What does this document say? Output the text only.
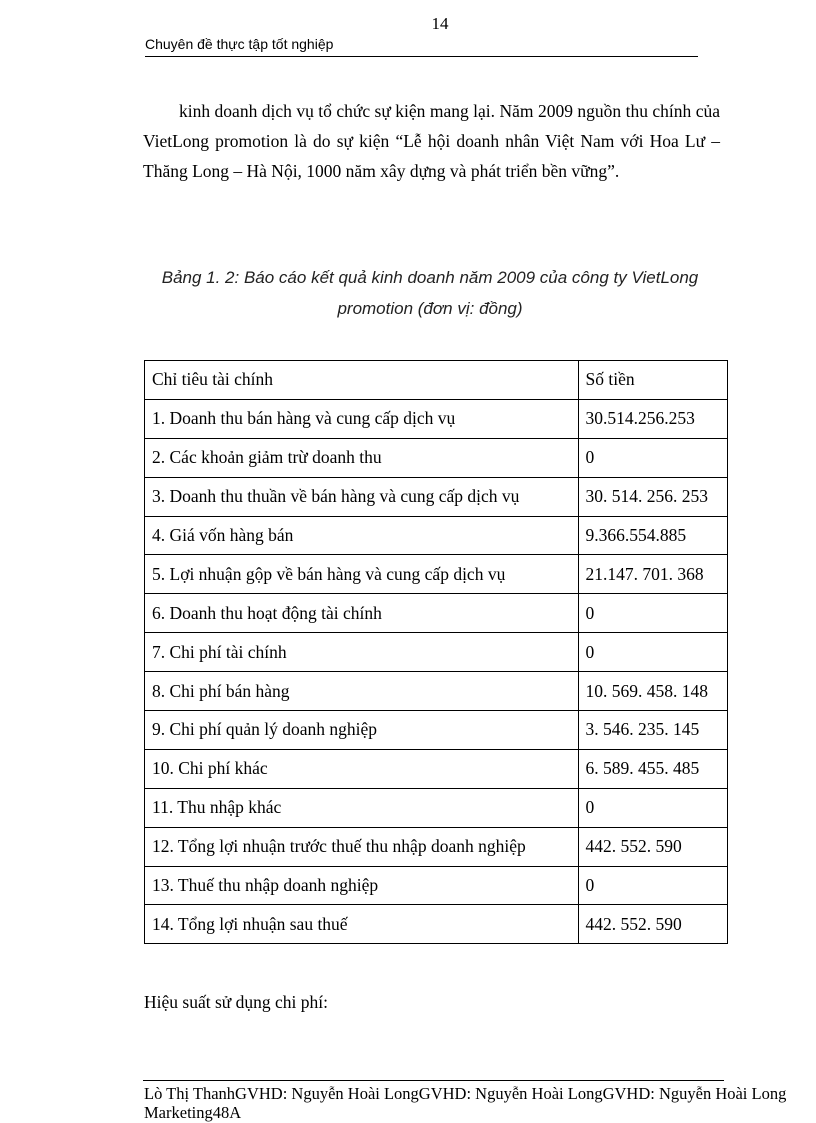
14
Chuyên đề thực tập tốt nghiệp

kinh doanh dịch vụ tổ chức sự kiện mang lại. Năm 2009 nguồn thu chính của VietLong promotion là do sự kiện “Lễ hội doanh nhân Việt Nam với Hoa Lư – Thăng Long – Hà Nội, 1000 năm xây dựng và phát triển bền vững”.

Bảng 1. 2: Báo cáo kết quả kinh doanh năm 2009 của công ty VietLong
promotion (đơn vị: đồng)
Chỉ tiêu tài chính	Số tiền
1. Doanh thu bán hàng và cung cấp dịch vụ	30.514.256.253
2. Các khoản giảm trừ doanh thu	0
3. Doanh thu thuần về bán hàng và cung cấp dịch vụ	30. 514. 256. 253
4. Giá vốn hàng bán	9.366.554.885
5. Lợi nhuận gộp về bán hàng và cung cấp dịch vụ	21.147. 701. 368
6. Doanh thu hoạt động tài chính	0
7. Chi phí tài chính	0
8. Chi phí bán hàng	10. 569. 458. 148
9. Chi phí quản lý doanh nghiệp	3. 546. 235. 145
10. Chi phí khác	6. 589. 455. 485
11. Thu nhập khác	0
12. Tổng lợi nhuận trước thuế thu nhập doanh nghiệp	442. 552. 590
13. Thuế thu nhập doanh nghiệp	0
14. Tổng lợi nhuận sau thuế	442. 552. 590

Hiệu suất sử dụng chi phí:

Lò Thị ThanhGVHD: Nguyễn Hoài LongGVHD: Nguyễn Hoài LongGVHD: Nguyễn Hoài Long
Marketing48A
